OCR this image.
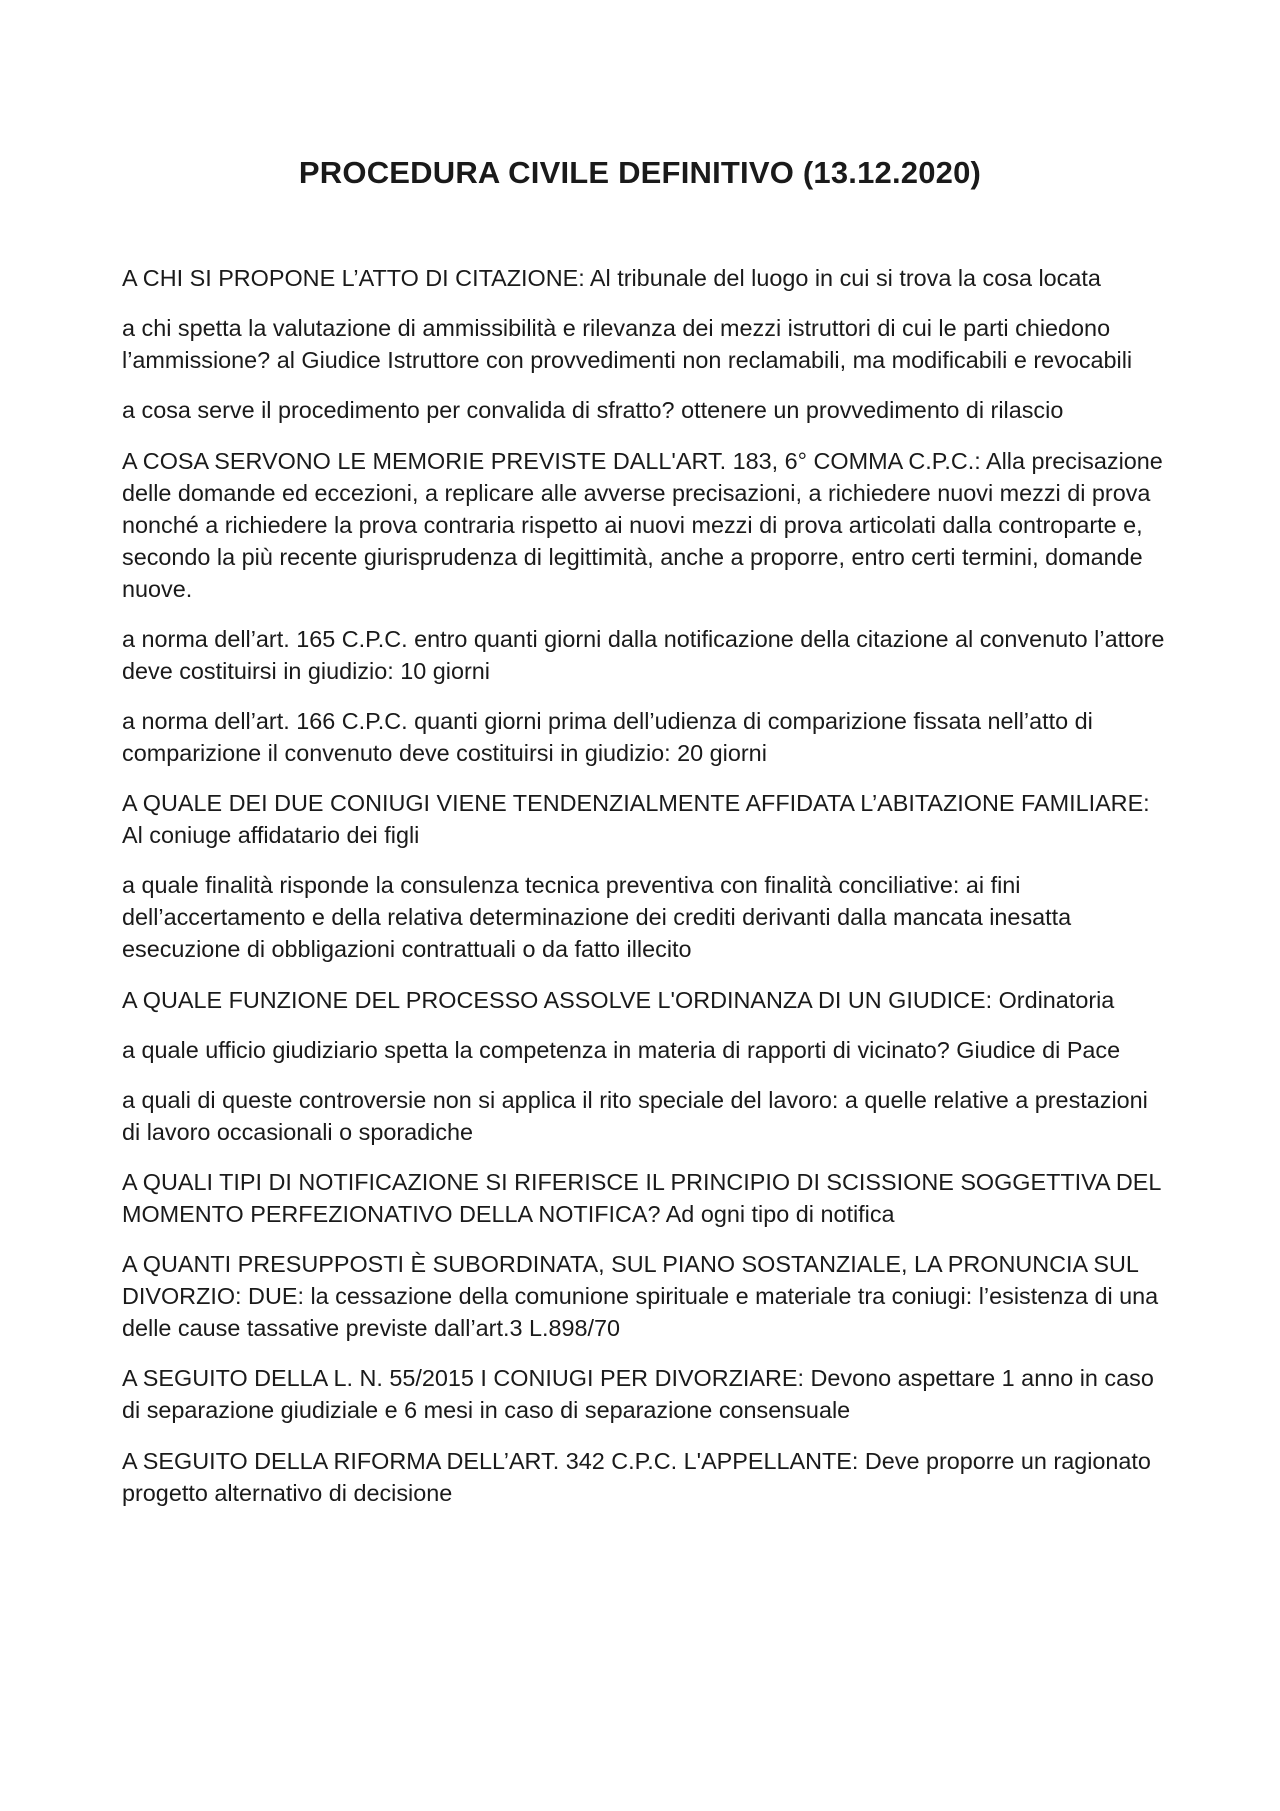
PROCEDURA CIVILE DEFINITIVO (13.12.2020)

A CHI SI PROPONE L’ATTO DI CITAZIONE: Al tribunale del luogo in cui si trova la cosa locata

a chi spetta la valutazione di ammissibilità e rilevanza dei mezzi istruttori di cui le parti chiedono l’ammissione? al Giudice Istruttore con provvedimenti non reclamabili, ma modificabili e revocabili

a cosa serve il procedimento per convalida di sfratto? ottenere un provvedimento di rilascio

A COSA SERVONO LE MEMORIE PREVISTE DALL'ART. 183, 6° COMMA C.P.C.: Alla precisazione delle domande ed eccezioni, a replicare alle avverse precisazioni, a richiedere nuovi mezzi di prova nonché a richiedere la prova contraria rispetto ai nuovi mezzi di prova articolati dalla controparte e, secondo la più recente giurisprudenza di legittimità, anche a proporre, entro certi termini, domande nuove.

a norma dell’art. 165 C.P.C. entro quanti giorni dalla notificazione della citazione al convenuto l’attore deve costituirsi in giudizio: 10 giorni

a norma dell’art. 166 C.P.C. quanti giorni prima dell’udienza di comparizione fissata nell’atto di comparizione il convenuto deve costituirsi in giudizio: 20 giorni

A QUALE DEI DUE CONIUGI VIENE TENDENZIALMENTE AFFIDATA L’ABITAZIONE FAMILIARE: Al coniuge affidatario dei figli

a quale finalità risponde la consulenza tecnica preventiva con finalità conciliative: ai fini dell’accertamento e della relativa determinazione dei crediti derivanti dalla mancata inesatta esecuzione di obbligazioni contrattuali o da fatto illecito

A QUALE FUNZIONE DEL PROCESSO ASSOLVE L'ORDINANZA DI UN GIUDICE: Ordinatoria

a quale ufficio giudiziario spetta la competenza in materia di rapporti di vicinato? Giudice di Pace

a quali di queste controversie non si applica il rito speciale del lavoro: a quelle relative a prestazioni di lavoro occasionali o sporadiche

A QUALI TIPI DI NOTIFICAZIONE SI RIFERISCE IL PRINCIPIO DI SCISSIONE SOGGETTIVA DEL MOMENTO PERFEZIONATIVO DELLA NOTIFICA? Ad ogni tipo di notifica

A QUANTI PRESUPPOSTI È SUBORDINATA, SUL PIANO SOSTANZIALE, LA PRONUNCIA SUL DIVORZIO: DUE: la cessazione della comunione spirituale e materiale tra coniugi: l’esistenza di una delle cause tassative previste dall’art.3 L.898/70

A SEGUITO DELLA L. N. 55/2015 I CONIUGI PER DIVORZIARE: Devono aspettare 1 anno in caso di separazione giudiziale e 6 mesi in caso di separazione consensuale

A SEGUITO DELLA RIFORMA DELL’ART. 342 C.P.C. L'APPELLANTE: Deve proporre un ragionato progetto alternativo di decisione
